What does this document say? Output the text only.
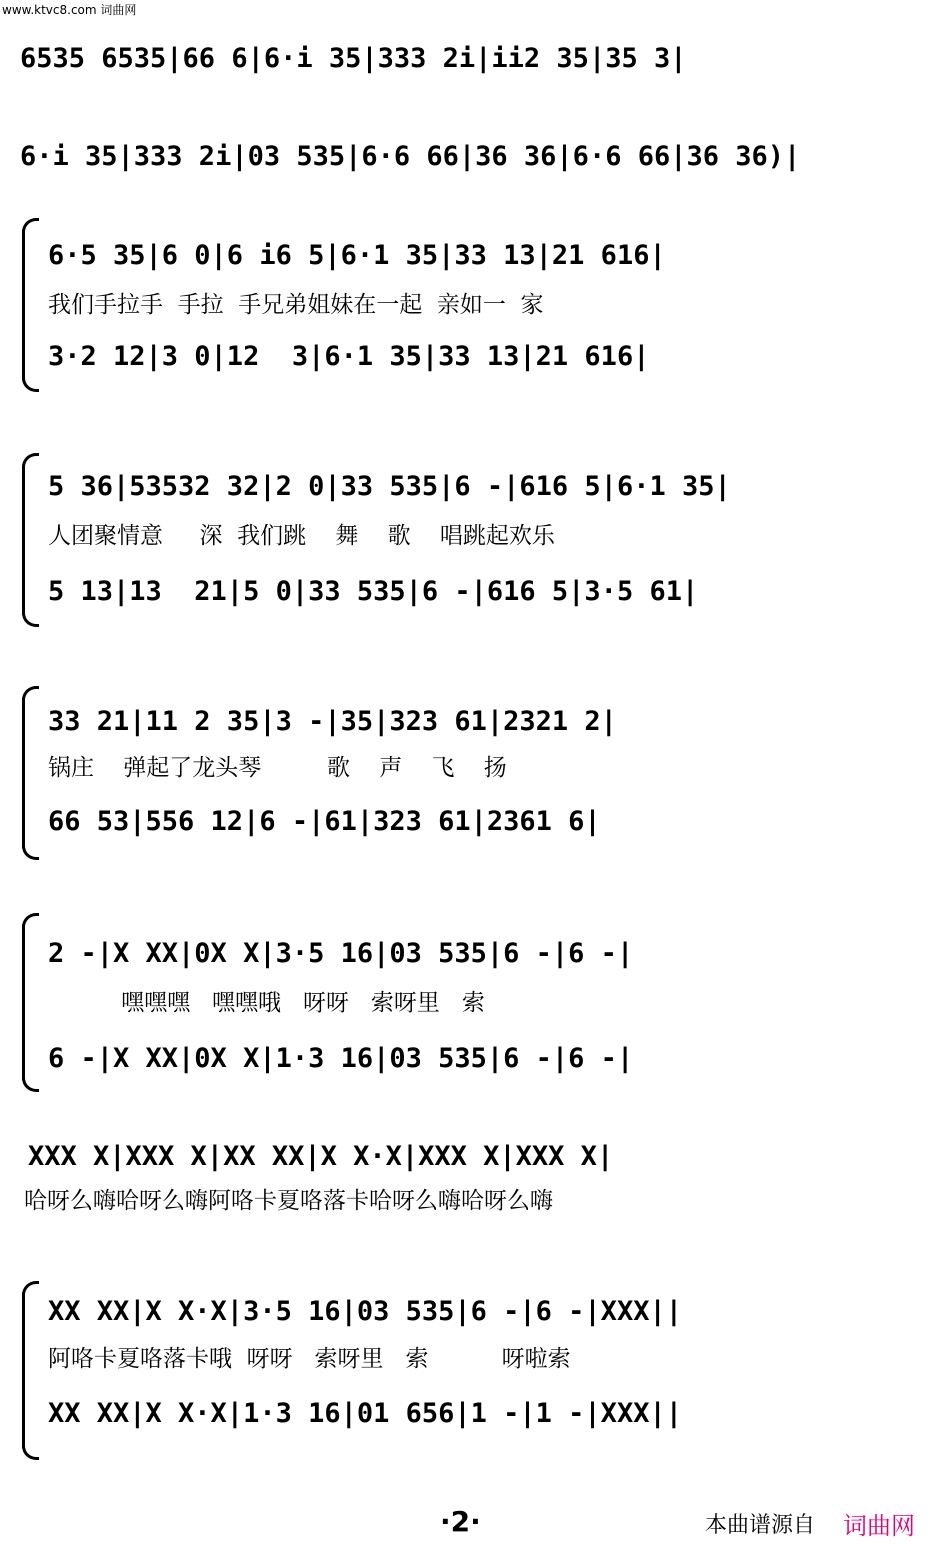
www.ktvc8.com 词曲网
6535 6535|66 6|6·i 35|333 2i|ii2 35|35 3|
6·i 35|333 2i|03 535|6·6 66|36 36|6·6 66|36 36)|
6·5 35|6 0|6 i6 5|6·1 35|33 13|21 616|
我们手拉手  手拉  手兄弟姐妹在一起  亲如一  家
3·2 12|3 0|12  3|6·1 35|33 13|21 616|
5 36|53532 32|2 0|33 535|6 -|616 5|6·1 35|
人团聚情意     深  我们跳    舞    歌    唱跳起欢乐
5 13|13  21|5 0|33 535|6 -|616 5|3·5 61|
33 21|11 2 35|3 -|35|323 61|2321 2|
锅庄    弹起了龙头琴         歌    声    飞    扬
66 53|556 12|6 -|61|323 61|2361 6|
2 -|X XX|0X X|3·5 16|03 535|6 -|6 -|
嘿嘿嘿   嘿嘿哦   呀呀   索呀里   索
6 -|X XX|0X X|1·3 16|03 535|6 -|6 -|
XXX X|XXX X|XX XX|X X·X|XXX X|XXX X|
哈呀么嗨哈呀么嗨阿咯卡夏咯落卡哈呀么嗨哈呀么嗨
XX XX|X X·X|3·5 16|03 535|6 -|6 -|XXX||
阿咯卡夏咯落卡哦  呀呀   索呀里   索          呀啦索
XX XX|X X·X|1·3 16|01 656|1 -|1 -|XXX||
·2·	本曲谱源自 词曲网
